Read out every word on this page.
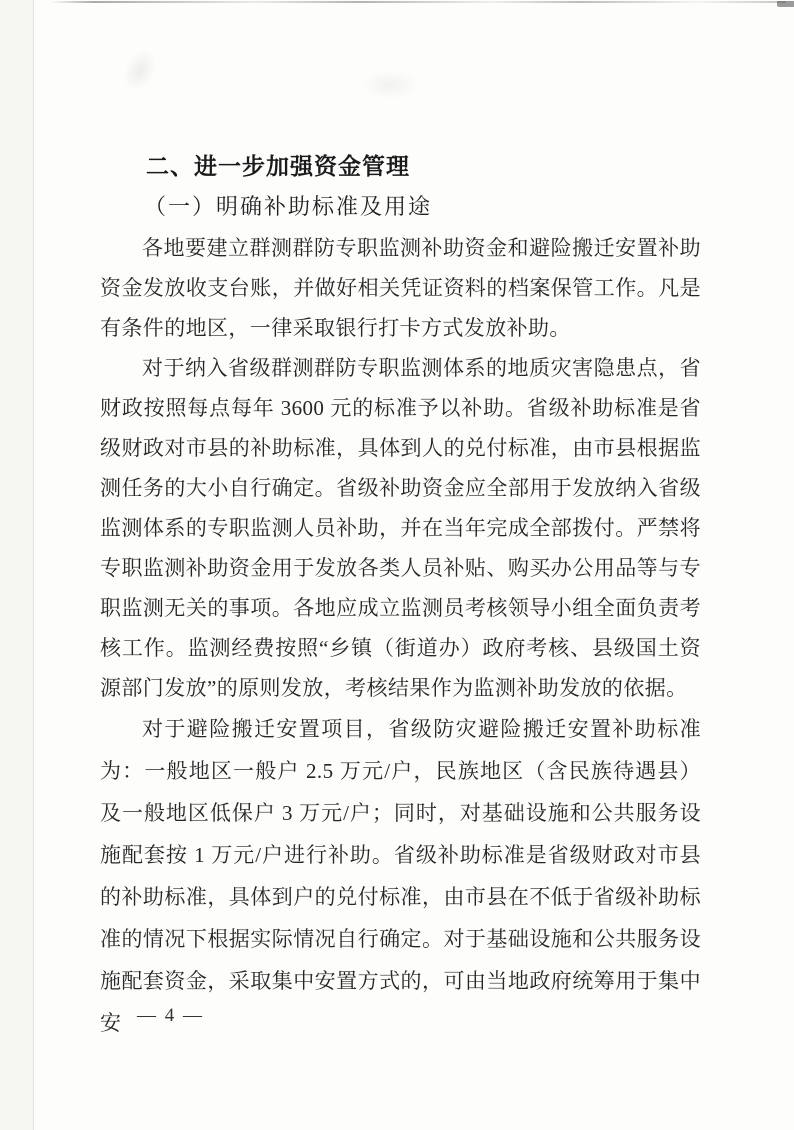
二、进一步加强资金管理
（一）明确补助标准及用途

各地要建立群测群防专职监测补助资金和避险搬迁安置补助资金发放收支台账，并做好相关凭证资料的档案保管工作。凡是有条件的地区，一律采取银行打卡方式发放补助。

对于纳入省级群测群防专职监测体系的地质灾害隐患点，省财政按照每点每年 3600 元的标准予以补助。省级补助标准是省级财政对市县的补助标准，具体到人的兑付标准，由市县根据监测任务的大小自行确定。省级补助资金应全部用于发放纳入省级监测体系的专职监测人员补助，并在当年完成全部拨付。严禁将专职监测补助资金用于发放各类人员补贴、购买办公用品等与专职监测无关的事项。各地应成立监测员考核领导小组全面负责考核工作。监测经费按照“乡镇（街道办）政府考核、县级国土资源部门发放”的原则发放，考核结果作为监测补助发放的依据。

对于避险搬迁安置项目，省级防灾避险搬迁安置补助标准为：一般地区一般户 2.5 万元/户，民族地区（含民族待遇县）及一般地区低保户 3 万元/户；同时，对基础设施和公共服务设施配套按 1 万元/户进行补助。省级补助标准是省级财政对市县的补助标准，具体到户的兑付标准，由市县在不低于省级补助标准的情况下根据实际情况自行确定。对于基础设施和公共服务设施配套资金，采取集中安置方式的，可由当地政府统筹用于集中安 — 4 —
